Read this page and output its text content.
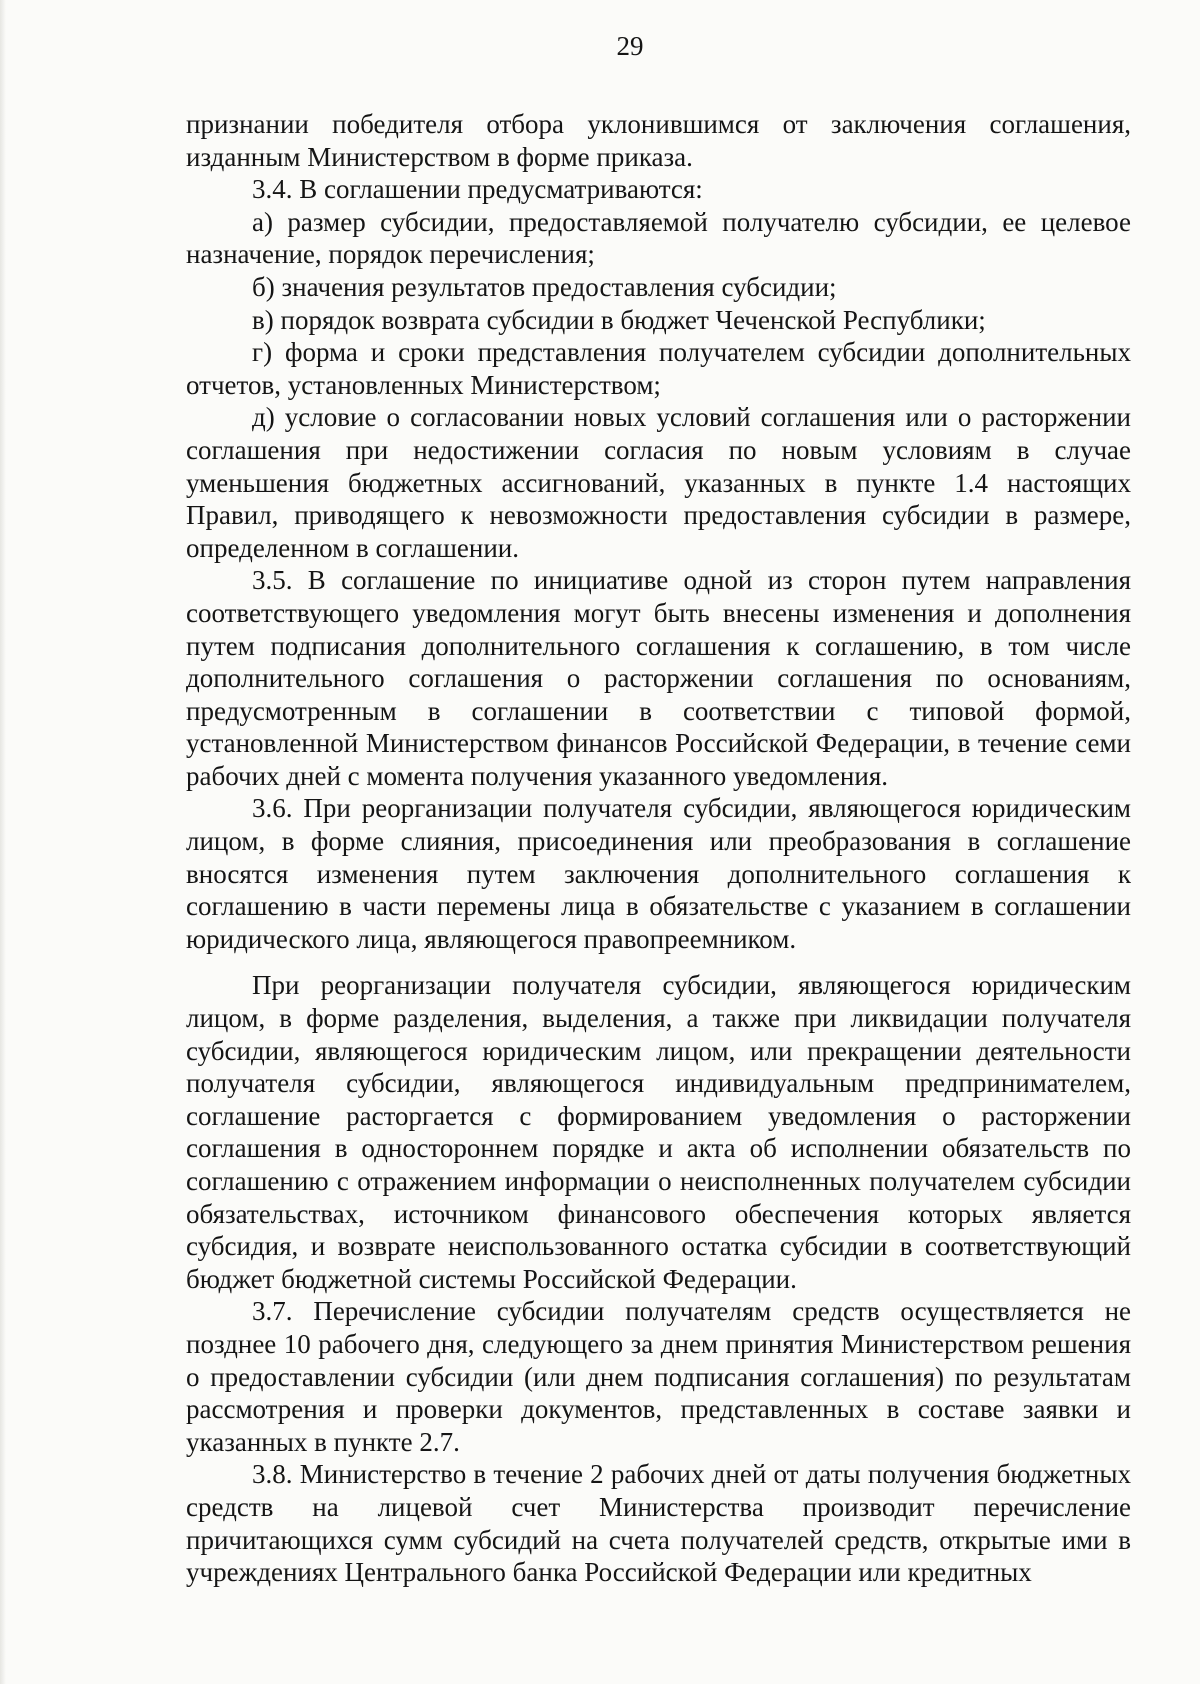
29

признании победителя отбора уклонившимся от заключения соглашения, изданным Министерством в форме приказа.

3.4. В соглашении предусматриваются:

а) размер субсидии, предоставляемой получателю субсидии, ее целевое назначение, порядок перечисления;

б) значения результатов предоставления субсидии;

в) порядок возврата субсидии в бюджет Чеченской Республики;

г) форма и сроки представления получателем субсидии дополнительных отчетов, установленных Министерством;

д) условие о согласовании новых условий соглашения или о расторжении соглашения при недостижении согласия по новым условиям в случае уменьшения бюджетных ассигнований, указанных в пункте 1.4 настоящих Правил, приводящего к невозможности предоставления субсидии в размере, определенном в соглашении.

3.5. В соглашение по инициативе одной из сторон путем направления соответствующего уведомления могут быть внесены изменения и дополнения путем подписания дополнительного соглашения к соглашению, в том числе дополнительного соглашения о расторжении соглашения по основаниям, предусмотренным в соглашении в соответствии с типовой формой, установленной Министерством финансов Российской Федерации, в течение семи рабочих дней с момента получения указанного уведомления.

3.6. При реорганизации получателя субсидии, являющегося юридическим лицом, в форме слияния, присоединения или преобразования в соглашение вносятся изменения путем заключения дополнительного соглашения к соглашению в части перемены лица в обязательстве с указанием в соглашении юридического лица, являющегося правопреемником.

При реорганизации получателя субсидии, являющегося юридическим лицом, в форме разделения, выделения, а также при ликвидации получателя субсидии, являющегося юридическим лицом, или прекращении деятельности получателя субсидии, являющегося индивидуальным предпринимателем, соглашение расторгается с формированием уведомления о расторжении соглашения в одностороннем порядке и акта об исполнении обязательств по соглашению с отражением информации о неисполненных получателем субсидии обязательствах, источником финансового обеспечения которых является субсидия, и возврате неиспользованного остатка субсидии в соответствующий бюджет бюджетной системы Российской Федерации.

3.7. Перечисление субсидии получателям средств осуществляется не позднее 10 рабочего дня, следующего за днем принятия Министерством решения о предоставлении субсидии (или днем подписания соглашения) по результатам рассмотрения и проверки документов, представленных в составе заявки и указанных в пункте 2.7.

3.8. Министерство в течение 2 рабочих дней от даты получения бюджетных средств на лицевой счет Министерства производит перечисление причитающихся сумм субсидий на счета получателей средств, открытые ими в учреждениях Центрального банка Российской Федерации или кредитных
